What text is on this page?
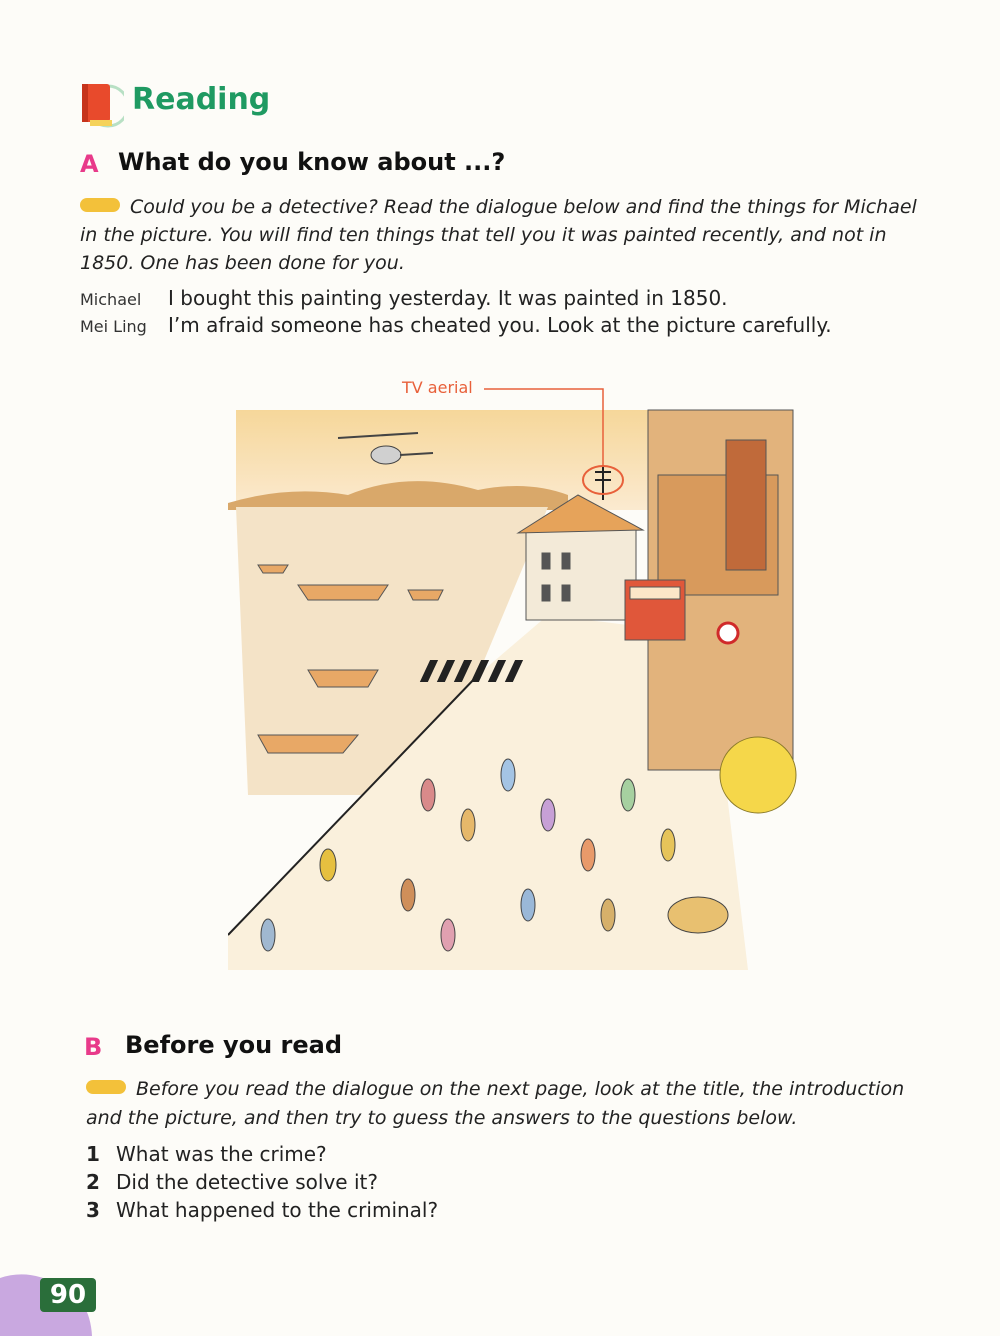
Reading
A What do you know about ...?
Could you be a detective? Read the dialogue below and find the things for Michael in the picture. You will find ten things that tell you it was painted recently, and not in 1850. One has been done for you.
Michael I bought this painting yesterday. It was painted in 1850.
Mei Ling I’m afraid someone has cheated you. Look at the picture carefully.
TV aerial
B Before you read
Before you read the dialogue on the next page, look at the title, the introduction and the picture, and then try to guess the answers to the questions below.
1 What was the crime?
2 Did the detective solve it?
3 What happened to the criminal?
90
